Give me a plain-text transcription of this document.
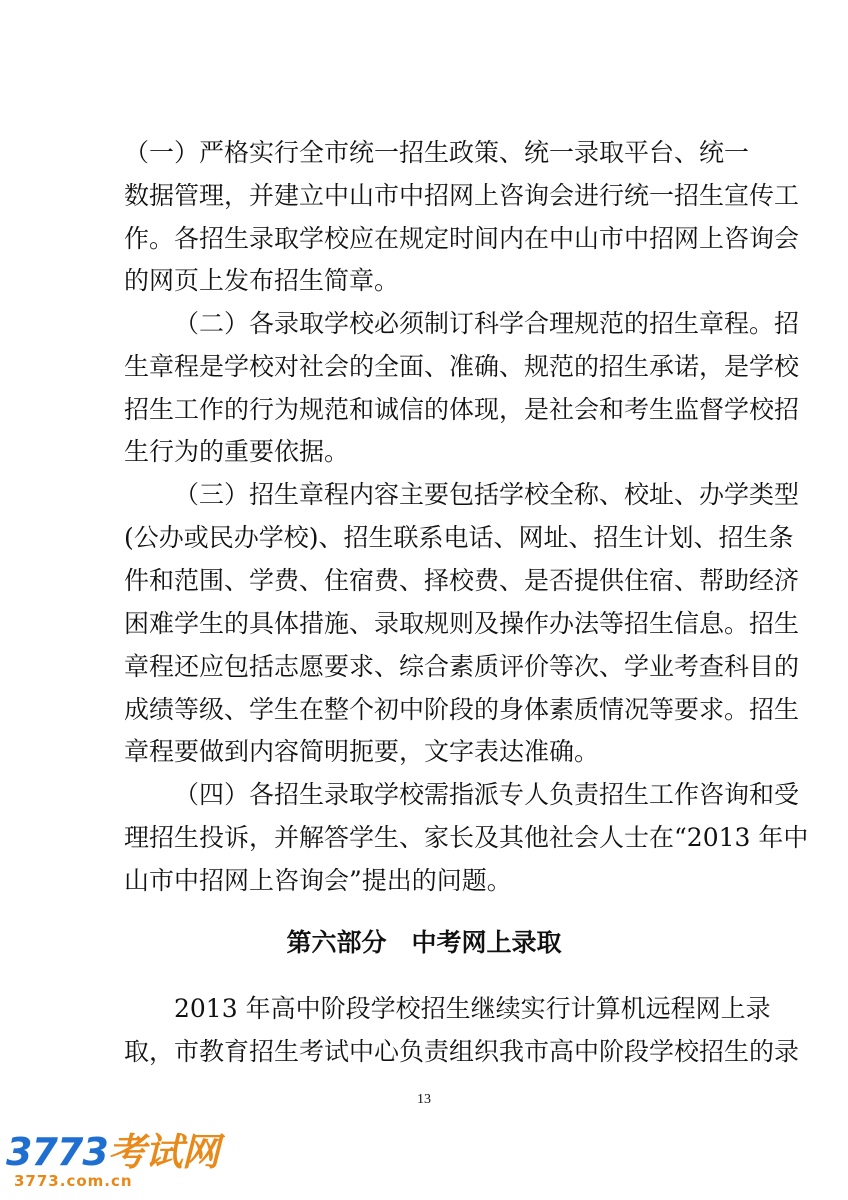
（一）严格实行全市统一招生政策、统一录取平台、统一
数据管理，并建立中山市中招网上咨询会进行统一招生宣传工
作。各招生录取学校应在规定时间内在中山市中招网上咨询会
的网页上发布招生简章。
（二）各录取学校必须制订科学合理规范的招生章程。招
生章程是学校对社会的全面、准确、规范的招生承诺，是学校
招生工作的行为规范和诚信的体现，是社会和考生监督学校招
生行为的重要依据。
（三）招生章程内容主要包括学校全称、校址、办学类型
(公办或民办学校)、招生联系电话、网址、招生计划、招生条
件和范围、学费、住宿费、择校费、是否提供住宿、帮助经济
困难学生的具体措施、录取规则及操作办法等招生信息。招生
章程还应包括志愿要求、综合素质评价等次、学业考查科目的
成绩等级、学生在整个初中阶段的身体素质情况等要求。招生
章程要做到内容简明扼要，文字表达准确。
（四）各招生录取学校需指派专人负责招生工作咨询和受
理招生投诉，并解答学生、家长及其他社会人士在“2013 年中
山市中招网上咨询会”提出的问题。
第六部分　中考网上录取
2013 年高中阶段学校招生继续实行计算机远程网上录
取，市教育招生考试中心负责组织我市高中阶段学校招生的录
13
3773考试网
3773.com.cn
